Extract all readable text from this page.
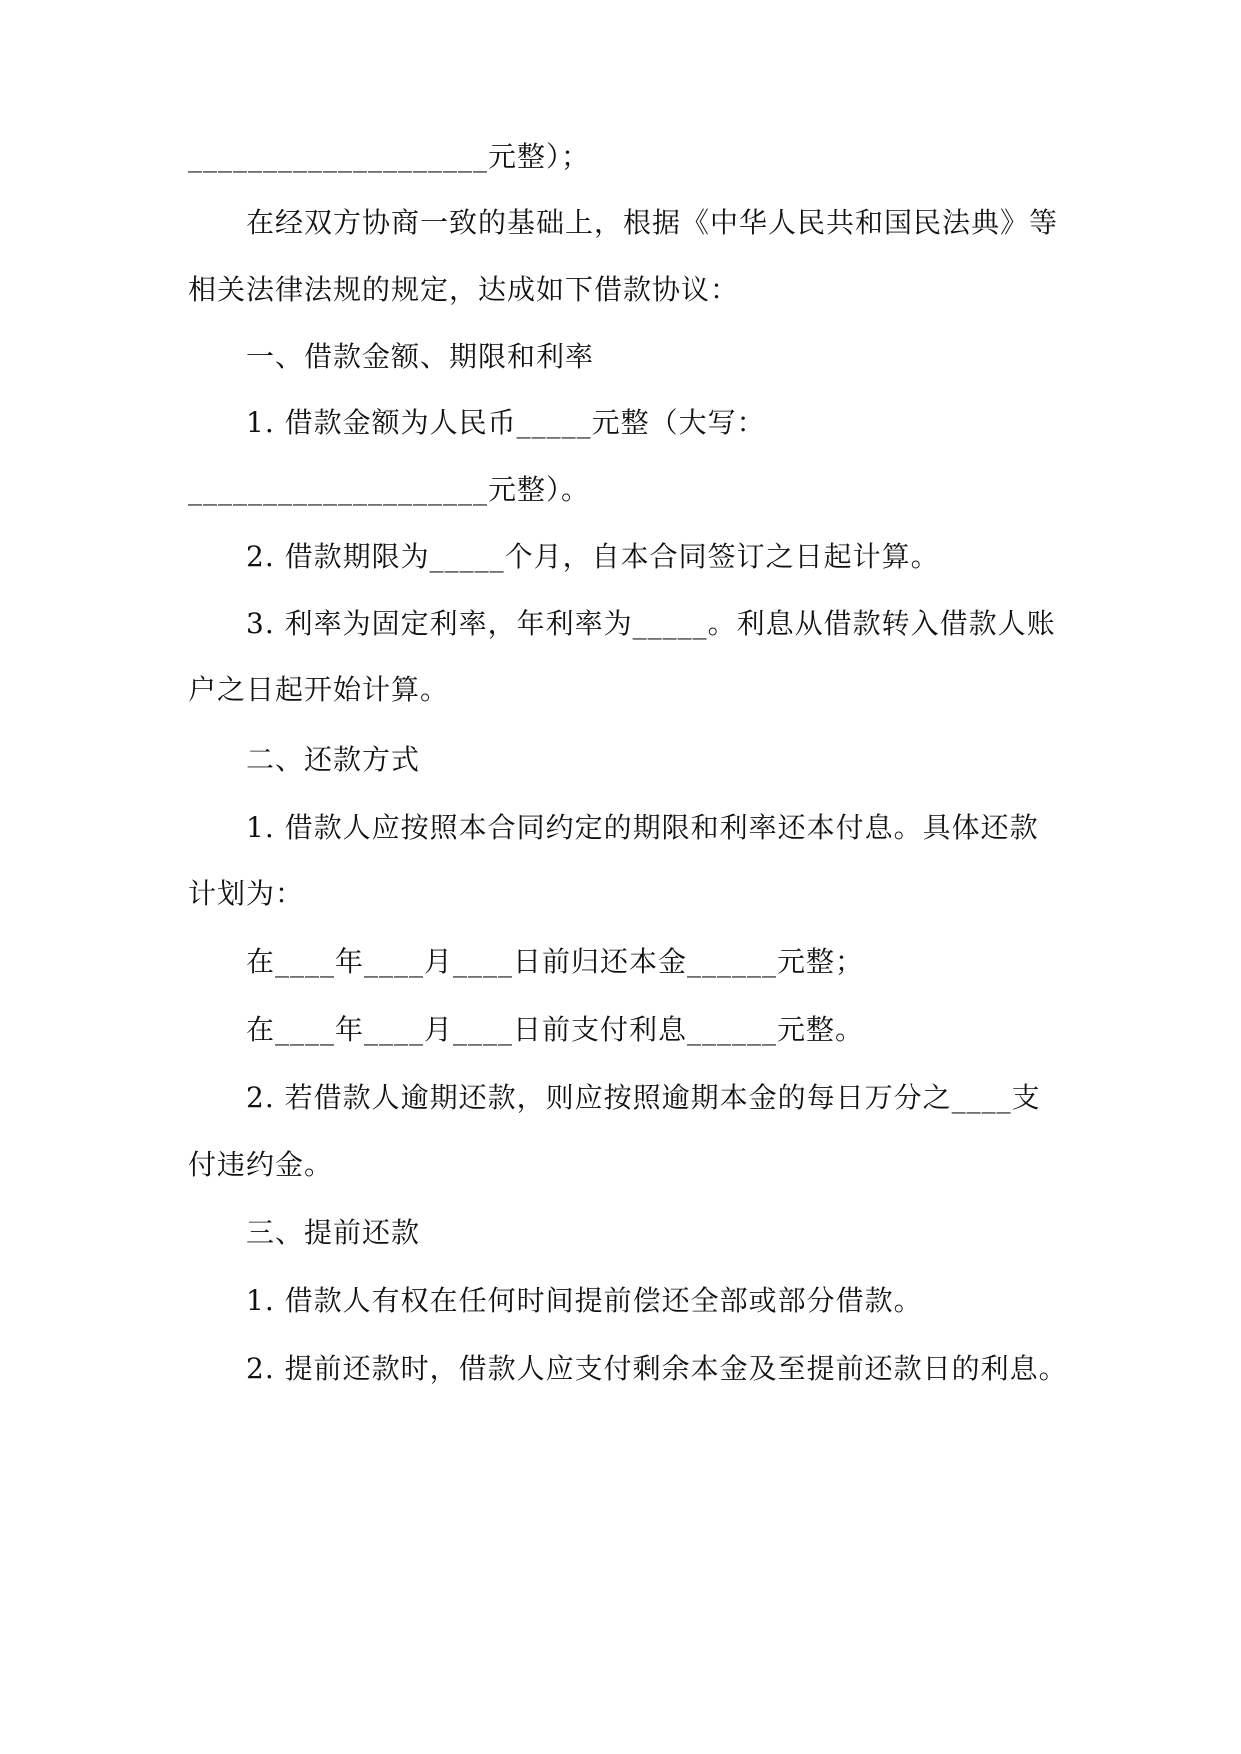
____________________元整）；
在经双方协商一致的基础上，根据《中华人民共和国民法典》等
相关法律法规的规定，达成如下借款协议：
一、借款金额、期限和利率
1. 借款金额为人民币_____元整（大写：
____________________元整）。
2. 借款期限为_____个月，自本合同签订之日起计算。
3. 利率为固定利率，年利率为_____。利息从借款转入借款人账
户之日起开始计算。
二、还款方式
1. 借款人应按照本合同约定的期限和利率还本付息。具体还款
计划为：
在____年____月____日前归还本金______元整；
在____年____月____日前支付利息______元整。
2. 若借款人逾期还款，则应按照逾期本金的每日万分之____支
付违约金。
三、提前还款
1. 借款人有权在任何时间提前偿还全部或部分借款。
2. 提前还款时，借款人应支付剩余本金及至提前还款日的利息。
